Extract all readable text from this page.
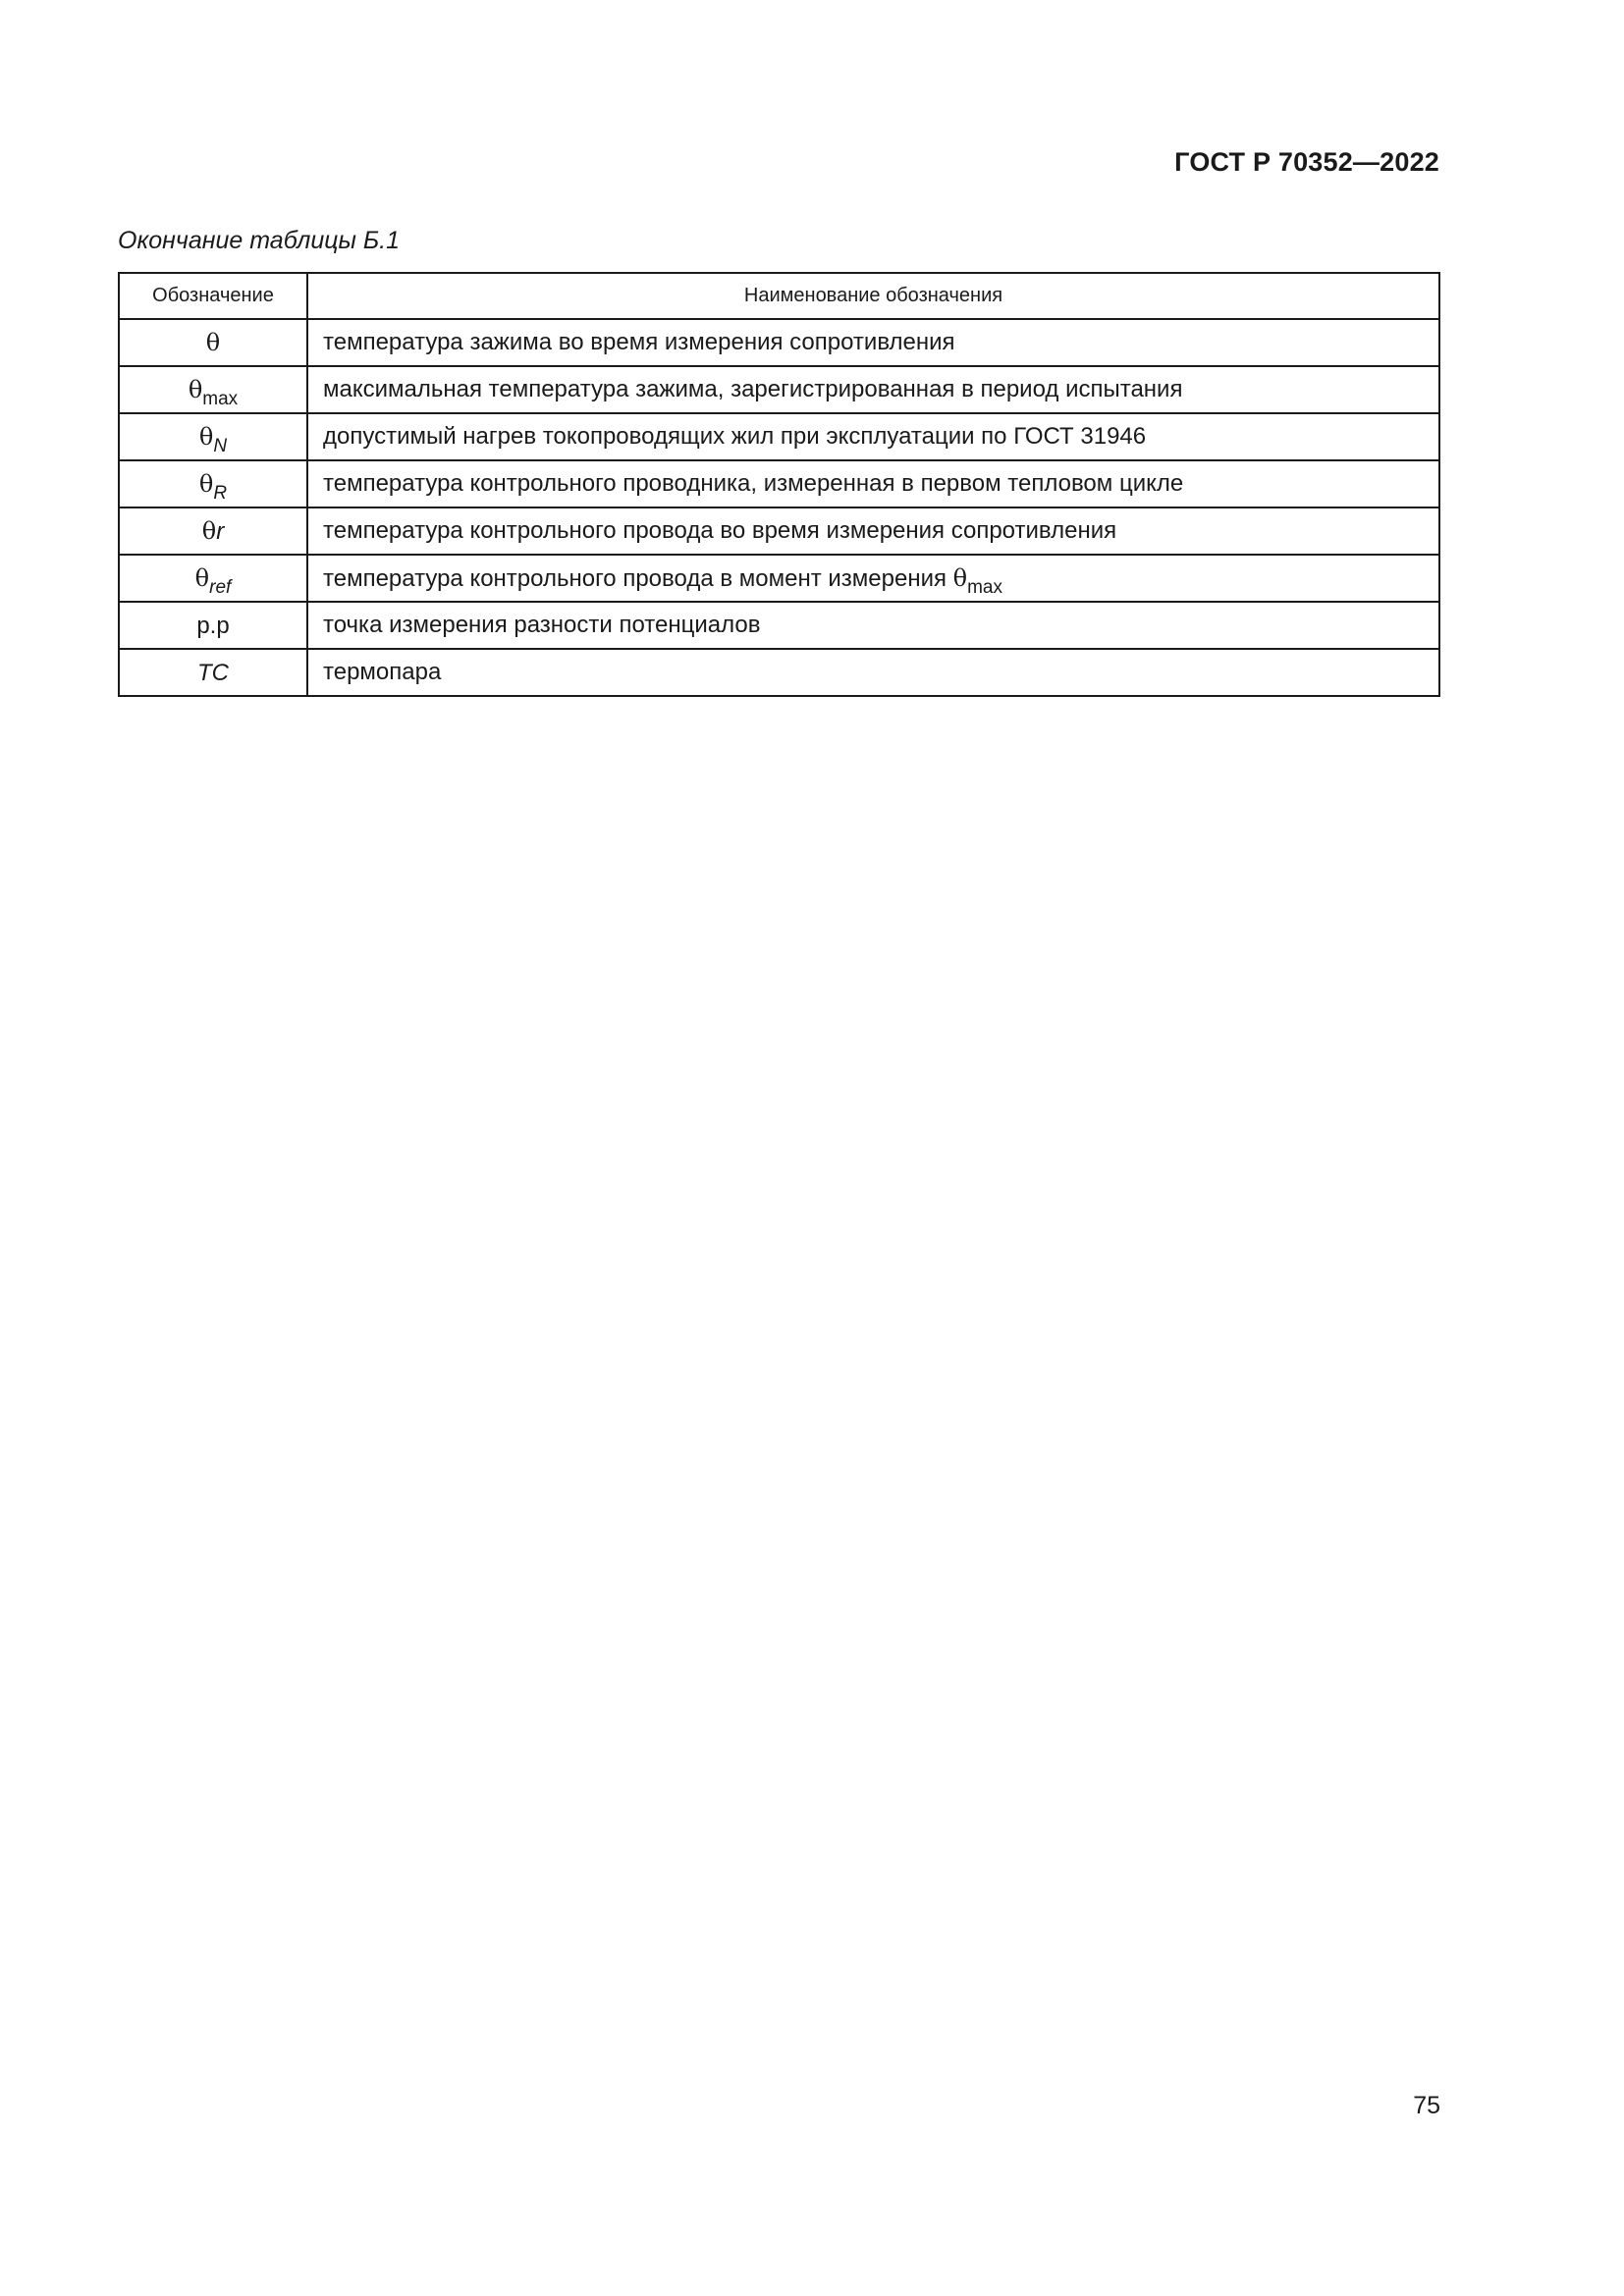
ГОСТ Р 70352—2022
Окончание таблицы Б.1
Обозначение	Наименование обозначения
θ	температура зажима во время измерения сопротивления
$\theta_{max}$	максимальная температура зажима, зарегистрированная в период испытания
$\theta_N$	допустимый нагрев токопроводящих жил при эксплуатации по ГОСТ 31946
$\theta_R$	температура контрольного проводника, измеренная в первом тепловом цикле
θr	температура контрольного провода во время измерения сопротивления
$\theta_{ref}$	температура контрольного провода в момент измерения $\theta_{max}$
р.р	точка измерения разности потенциалов
ТС	термопара
75
